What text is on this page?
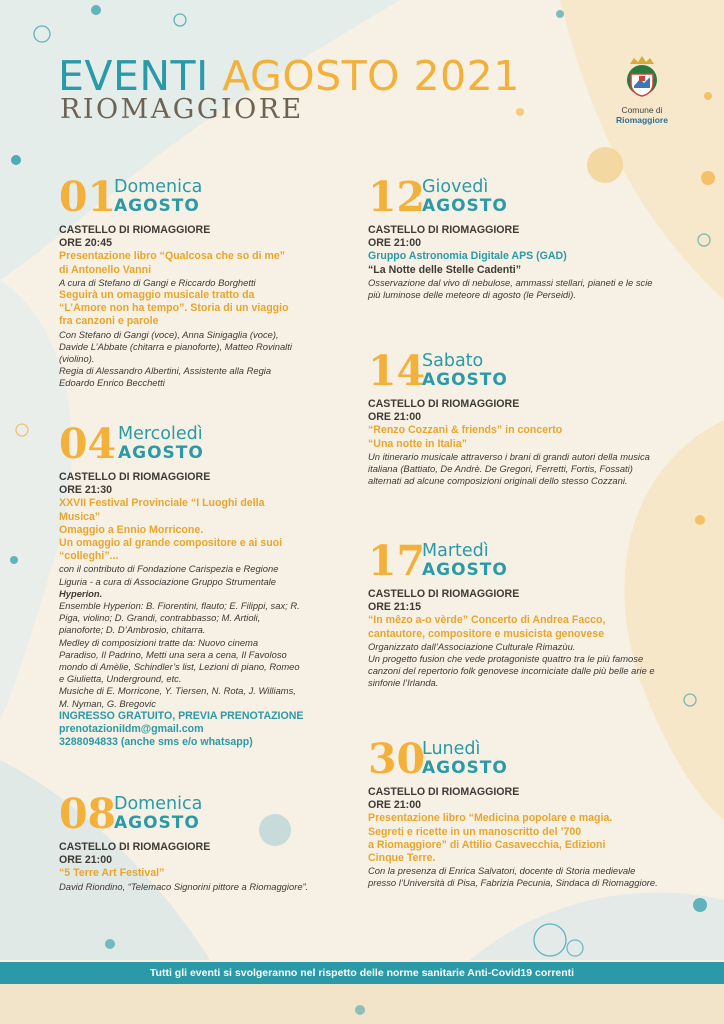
EVENTI AGOSTO 2021
RIOMAGGIORE	Comune di
Riomaggiore
01
Domenica
AGOSTO
CASTELLO DI RIOMAGGIORE
ORE 20:45
Presentazione libro “Qualcosa che so di me”
di Antonello Vanni
A cura di Stefano di Gangi e Riccardo Borghetti
Seguirà un omaggio musicale tratto da
“L’Amore non ha tempo”. Storia di un viaggio
fra canzoni e parole
Con Stefano di Gangi (voce), Anna Sinigaglia (voce),
Davide L’Abbate (chitarra e pianoforte), Matteo Rovinalti
(violino).
Regia di Alessandro Albertini, Assistente alla Regia
Edoardo Enrico Becchetti
04 Mercoledì
AGOSTO
CASTELLO DI RIOMAGGIORE
ORE 21:30
XXVII Festival Provinciale “I Luoghi della
Musica”
Omaggio a Ennio Morricone.
Un omaggio al grande compositore e ai suoi
“colleghi”...
con il contributo di Fondazione Carispezia e Regione
Liguria - a cura di Associazione Gruppo Strumentale
Hyperion.
Ensemble Hyperion: B. Fiorentini, flauto; E. Filippi, sax; R.
Piga, violino; D. Grandi, contrabbasso; M. Artioli,
pianoforte; D. D’Ambrosio, chitarra.
Medley di composizioni tratte da: Nuovo cinema
Paradiso, Il Padrino, Metti una sera a cena, Il Favoloso
mondo di Amèlie, Schindler’s list, Lezioni di piano, Romeo
e Giulietta, Underground, etc.
Musiche di E. Morricone, Y. Tiersen, N. Rota, J. Williams,
M. Nyman, G. Bregovic
INGRESSO GRATUITO, PREVIA PRENOTAZIONE
prenotazioniIdm@gmail.com
3288094833 (anche sms e/o whatsapp)
08
Domenica
AGOSTO
CASTELLO DI RIOMAGGIORE
ORE 21:00
“5 Terre Art Festival”
David Riondino, “Telemaco Signorini pittore a Riomaggiore”.
12
Giovedì
AGOSTO
CASTELLO DI RIOMAGGIORE
ORE 21:00
Gruppo Astronomia Digitale APS (GAD)
“La Notte delle Stelle Cadenti”
Osservazione dal vivo di nebulose, ammassi stellari, pianeti e le scie
più luminose delle meteore di agosto (le Perseidi).
14
Sabato
AGOSTO
CASTELLO DI RIOMAGGIORE
ORE 21:00
“Renzo Cozzani & friends” in concerto
“Una notte in Italia”
Un itinerario musicale attraverso i brani di grandi autori della musica
italiana (Battiato, De Andrè. De Gregori, Ferretti, Fortis, Fossati)
alternati ad alcune composizioni originali dello stesso Cozzani.
17
Martedì
AGOSTO
CASTELLO DI RIOMAGGIORE
ORE 21:15
“In mêzo a-o vèrde” Concerto di Andrea Facco,
cantautore, compositore e musicista genovese
Organizzato dall’Associazione Culturale Rimazùu.
Un progetto fusion che vede protagoniste quattro tra le più famose
canzoni del repertorio folk genovese incorniciate dalle più belle arie e
sinfonie l’Irlanda.
30
Lunedì
AGOSTO
CASTELLO DI RIOMAGGIORE
ORE 21:00
Presentazione libro “Medicina popolare e magia.
Segreti e ricette in un manoscritto del ’700
a Riomaggiore” di Attilio Casavecchia, Edizioni
Cinque Terre.
Con la presenza di Enrica Salvatori, docente di Storia medievale
presso l’Università di Pisa, Fabrizia Pecunia, Sindaca di Riomaggiore.
Tutti gli eventi si svolgeranno nel rispetto delle norme sanitarie Anti-Covid19 correnti
